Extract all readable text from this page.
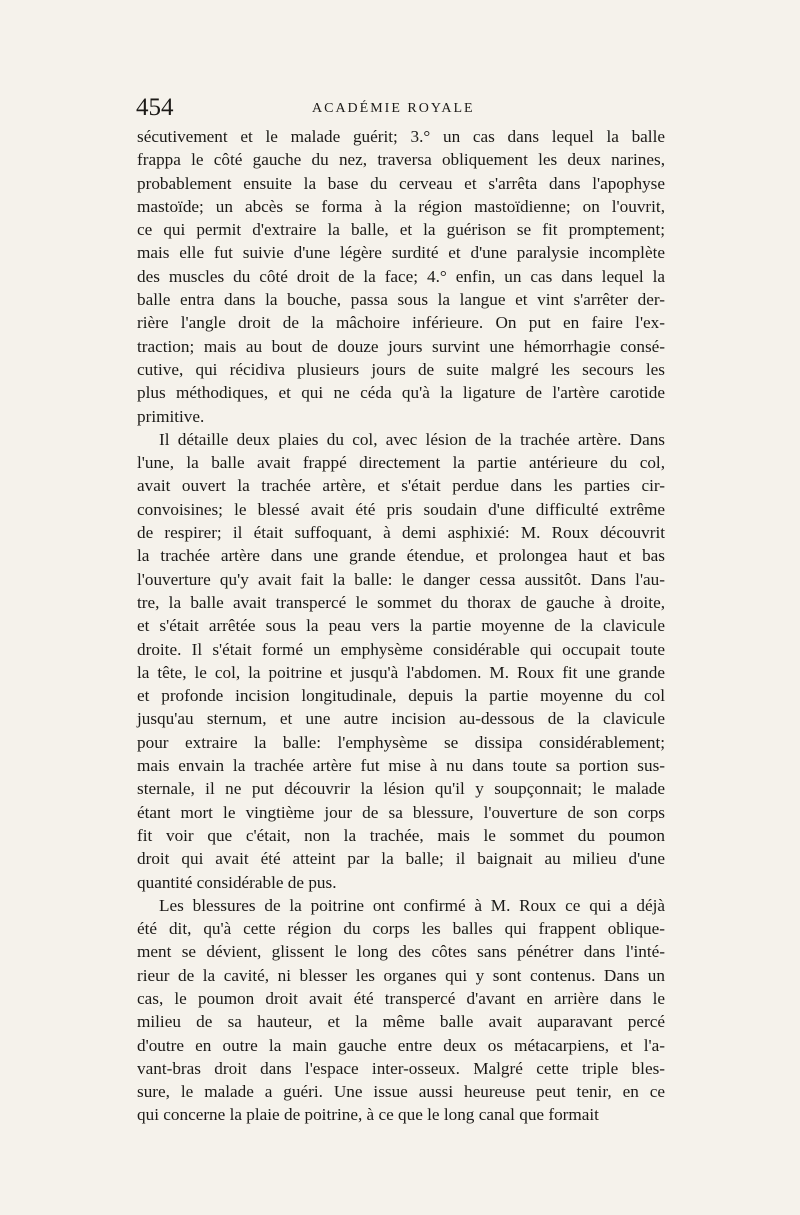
454	ACADÉMIE ROYALE
sécutivement et le malade guérit; 3.° un cas dans lequel la balle
frappa le côté gauche du nez, traversa obliquement les deux narines,
probablement ensuite la base du cerveau et s'arrêta dans l'apophyse
mastoïde; un abcès se forma à la région mastoïdienne; on l'ouvrit,
ce qui permit d'extraire la balle, et la guérison se fit promptement;
mais elle fut suivie d'une légère surdité et d'une paralysie incomplète
des muscles du côté droit de la face; 4.° enfin, un cas dans lequel la
balle entra dans la bouche, passa sous la langue et vint s'arrêter der-
rière l'angle droit de la mâchoire inférieure. On put en faire l'ex-
traction; mais au bout de douze jours survint une hémorrhagie consé-
cutive, qui récidiva plusieurs jours de suite malgré les secours les
plus méthodiques, et qui ne céda qu'à la ligature de l'artère carotide
primitive.
Il détaille deux plaies du col, avec lésion de la trachée artère. Dans
l'une, la balle avait frappé directement la partie antérieure du col,
avait ouvert la trachée artère, et s'était perdue dans les parties cir-
convoisines; le blessé avait été pris soudain d'une difficulté extrême
de respirer; il était suffoquant, à demi asphixié: M. Roux découvrit
la trachée artère dans une grande étendue, et prolongea haut et bas
l'ouverture qu'y avait fait la balle: le danger cessa aussitôt. Dans l'au-
tre, la balle avait transpercé le sommet du thorax de gauche à droite,
et s'était arrêtée sous la peau vers la partie moyenne de la clavicule
droite. Il s'était formé un emphysème considérable qui occupait toute
la tête, le col, la poitrine et jusqu'à l'abdomen. M. Roux fit une grande
et profonde incision longitudinale, depuis la partie moyenne du col
jusqu'au sternum, et une autre incision au-dessous de la clavicule
pour extraire la balle: l'emphysème se dissipa considérablement;
mais envain la trachée artère fut mise à nu dans toute sa portion sus-
sternale, il ne put découvrir la lésion qu'il y soupçonnait; le malade
étant mort le vingtième jour de sa blessure, l'ouverture de son corps
fit voir que c'était, non la trachée, mais le sommet du poumon
droit qui avait été atteint par la balle; il baignait au milieu d'une
quantité considérable de pus.
Les blessures de la poitrine ont confirmé à M. Roux ce qui a déjà
été dit, qu'à cette région du corps les balles qui frappent oblique-
ment se dévient, glissent le long des côtes sans pénétrer dans l'inté-
rieur de la cavité, ni blesser les organes qui y sont contenus. Dans un
cas, le poumon droit avait été transpercé d'avant en arrière dans le
milieu de sa hauteur, et la même balle avait auparavant percé
d'outre en outre la main gauche entre deux os métacarpiens, et l'a-
vant-bras droit dans l'espace inter-osseux. Malgré cette triple bles-
sure, le malade a guéri. Une issue aussi heureuse peut tenir, en ce
qui concerne la plaie de poitrine, à ce que le long canal que formait
